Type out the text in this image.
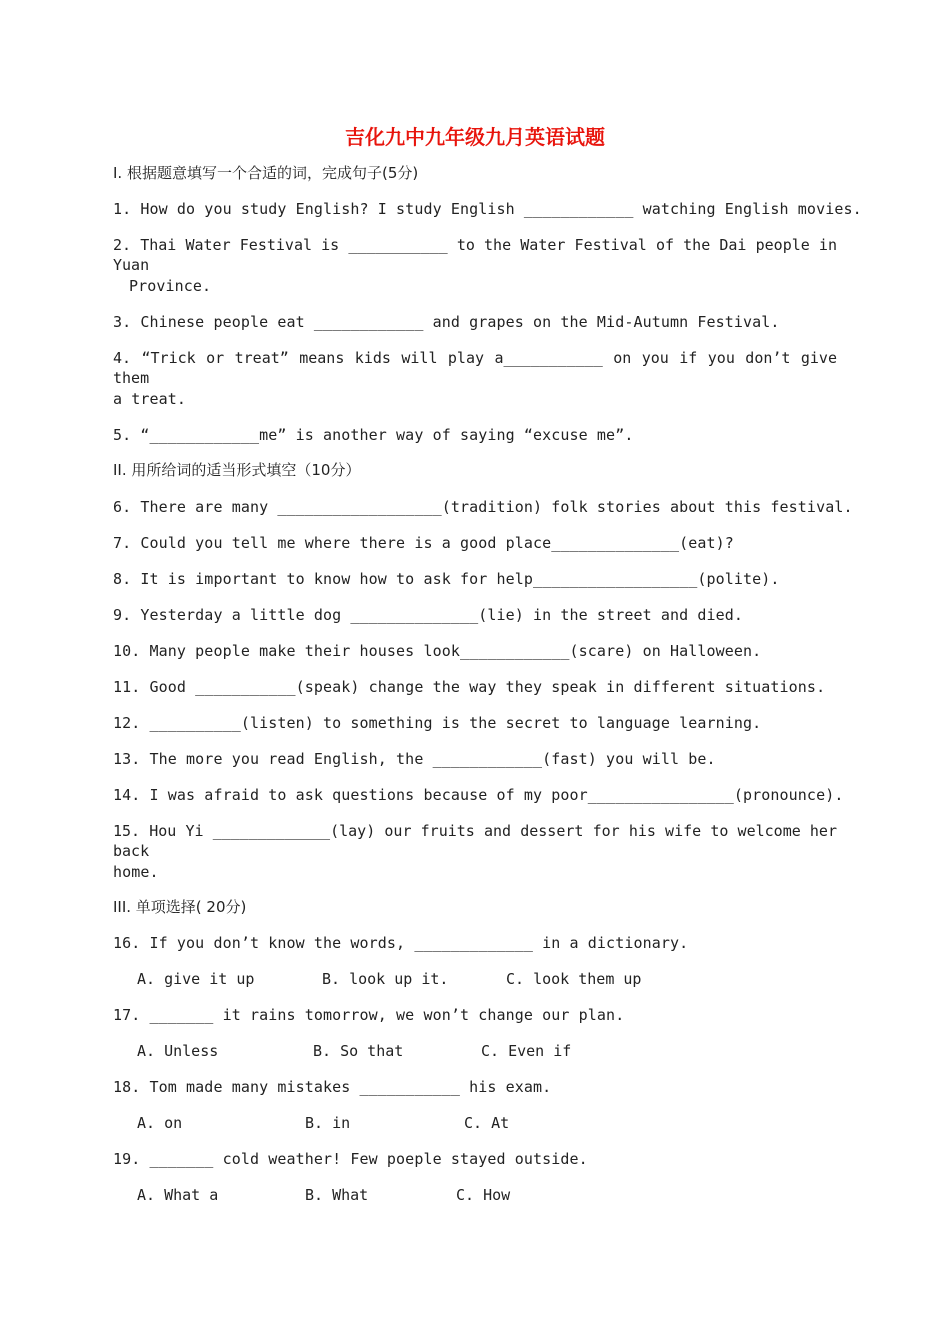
吉化九中九年级九月英语试题
I. 根据题意填写一个合适的词，完成句子(5分)
1. How do you study English? I study English ____________ watching English movies.
2. Thai Water Festival is ___________ to the Water Festival of the Dai people in Yuan
Province.
3. Chinese people eat ____________ and grapes on the Mid-Autumn Festival.
4. “Trick or treat” means kids will play a___________ on you if you don’t give them
a treat.
5. “____________me” is another way of saying “excuse me”.
II. 用所给词的适当形式填空（10分）
6. There are many __________________(tradition) folk stories about this festival.
7. Could you tell me where there is a good place______________(eat)?
8. It is important to know how to ask for help__________________(polite).
9. Yesterday a little dog ______________(lie) in the street and died.
10. Many people make their houses look____________(scare) on Halloween.
11. Good ___________(speak) change the way they speak in different situations.
12. __________(listen) to something is the secret to language learning.
13. The more you read English, the ____________(fast) you will be.
14. I was afraid to ask questions because of my poor________________(pronounce).
15. Hou Yi _____________(lay) our fruits and dessert for his wife to welcome her back
home.
III. 单项选择( 20分)
16. If you don’t know the words, _____________ in a dictionary.
A. give it up	B. look up it.	C. look them up
17. _______ it rains tomorrow, we won’t change our plan.
A. Unless	B. So that	C. Even if
18. Tom made many mistakes ___________ his exam.
A. on	B. in	C. At
19. _______ cold weather! Few poeple stayed outside.
A. What a	B. What	C. How
